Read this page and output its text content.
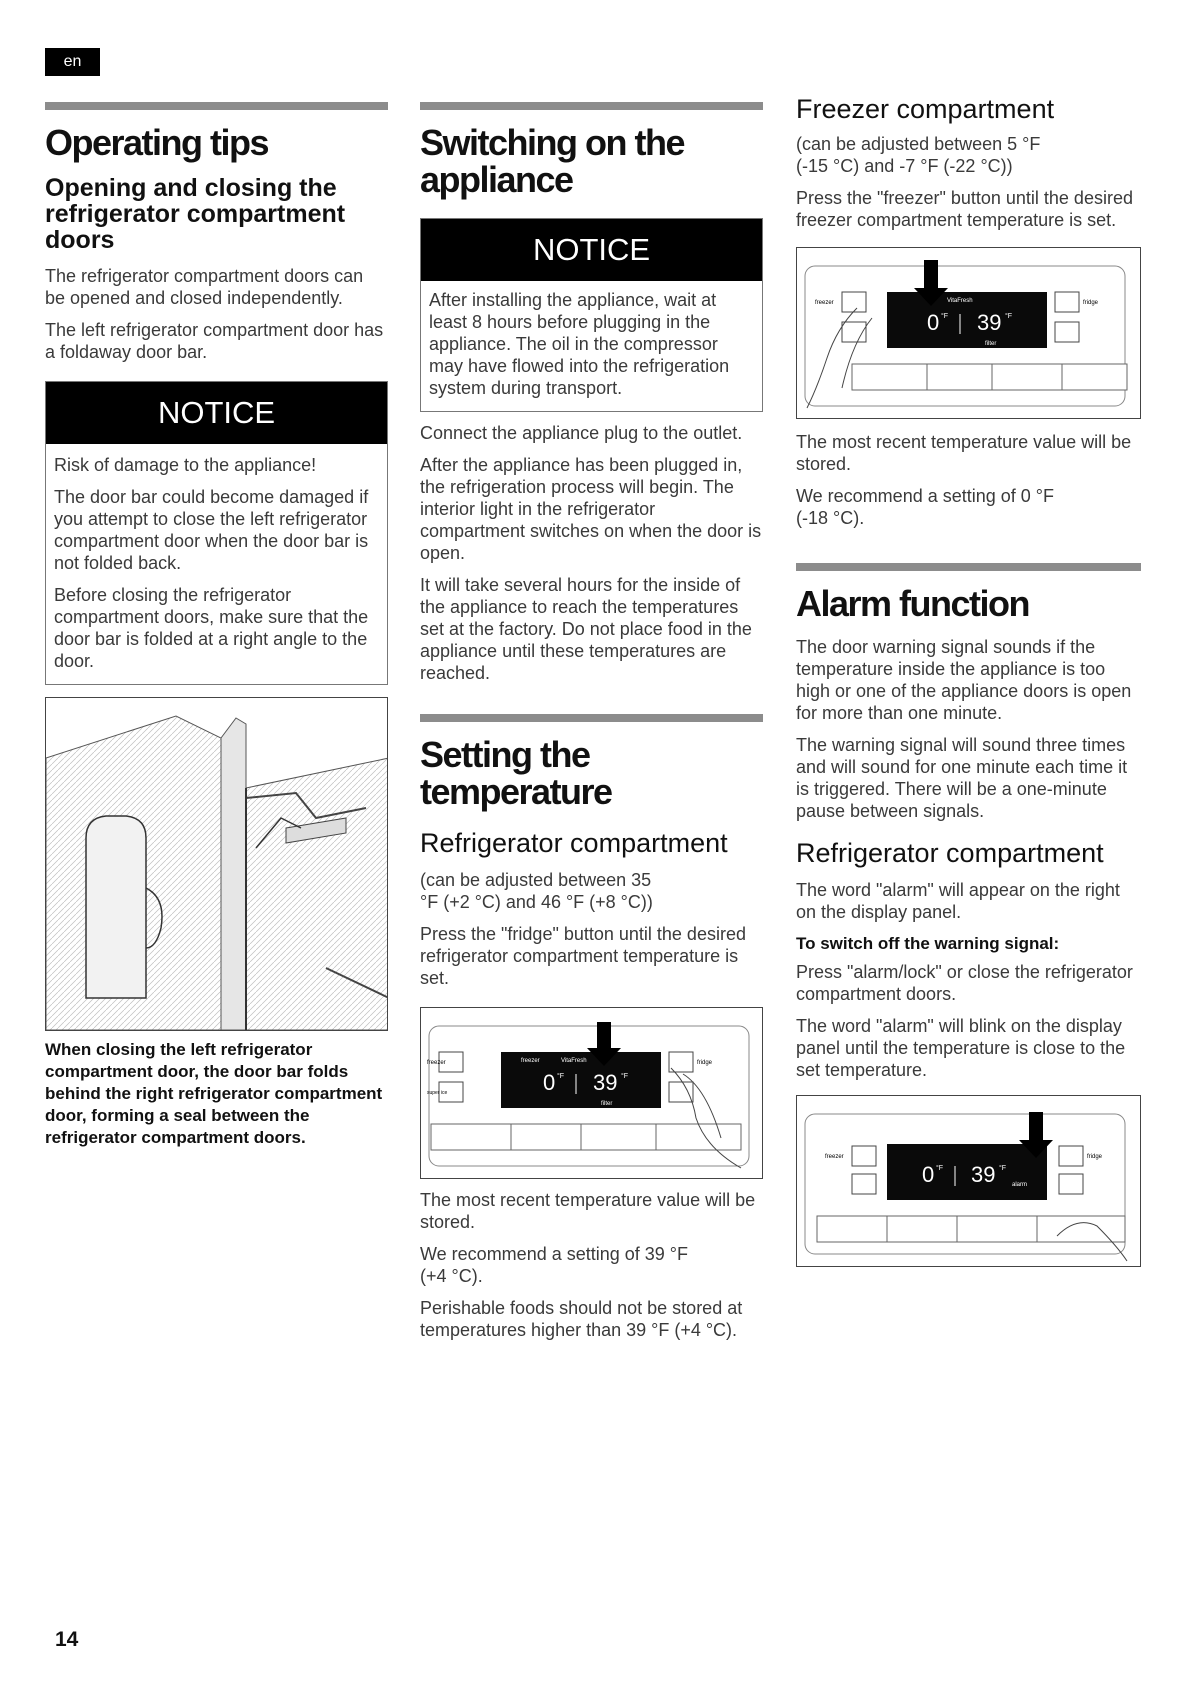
en
Operating tips
Opening and closing the refrigerator compartment doors

The refrigerator compartment doors can be opened and closed independently.

The left refrigerator compartment door has a foldaway door bar.

NOTICE

Risk of damage to the appliance!

The door bar could become damaged if you attempt to close the left refrigerator compartment door when the door bar is not folded back.

Before closing the refrigerator compartment doors, make sure that the door bar is folded at a right angle to the door.

When closing the left refrigerator compartment door, the door bar folds behind the right refrigerator compartment door, forming a seal between the refrigerator compartment doors.
Switching on the appliance
NOTICE

After installing the appliance, wait at least 8 hours before plugging in the appliance. The oil in the compressor may have flowed into the refrigeration system during transport.

Connect the appliance plug to the outlet.

After the appliance has been plugged in, the refrigeration process will begin. The interior light in the refrigerator compartment switches on when the door is open.

It will take several hours for the inside of the appliance to reach the temperatures set at the factory. Do not place food in the appliance until these temperatures are reached.

Setting the temperature
Refrigerator compartment

(can be adjusted between 35 °F (+2 °C) and 46 °F (+8 °C))

Press the "fridge" button until the desired refrigerator compartment temperature is set.

freezer
super ice
freezer	VitaFresh
0 °F 39 °F
filter
fridge

The most recent temperature value will be stored.

We recommend a setting of 39 °F (+4 °C).

Perishable foods should not be stored at temperatures higher than 39 °F (+4 °C).

Freezer compartment

(can be adjusted between 5 °F (-15 °C) and -7 °F (-22 °C))

Press the "freezer" button until the desired freezer compartment temperature is set.

freezer	VitaFresh
0 °F 39 °F
filter
fridge

The most recent temperature value will be stored.

We recommend a setting of 0 °F (-18 °C).

Alarm function

The door warning signal sounds if the temperature inside the appliance is too high or one of the appliance doors is open for more than one minute.

The warning signal will sound three times and will sound for one minute each time it is triggered. There will be a one-minute pause between signals.

Refrigerator compartment

The word "alarm" will appear on the right on the display panel.

To switch off the warning signal:

Press "alarm/lock" or close the refrigerator compartment doors.

The word "alarm" will blink on the display panel until the temperature is close to the set temperature.

freezer
0 °F 39 °F
alarm
fridge
14
